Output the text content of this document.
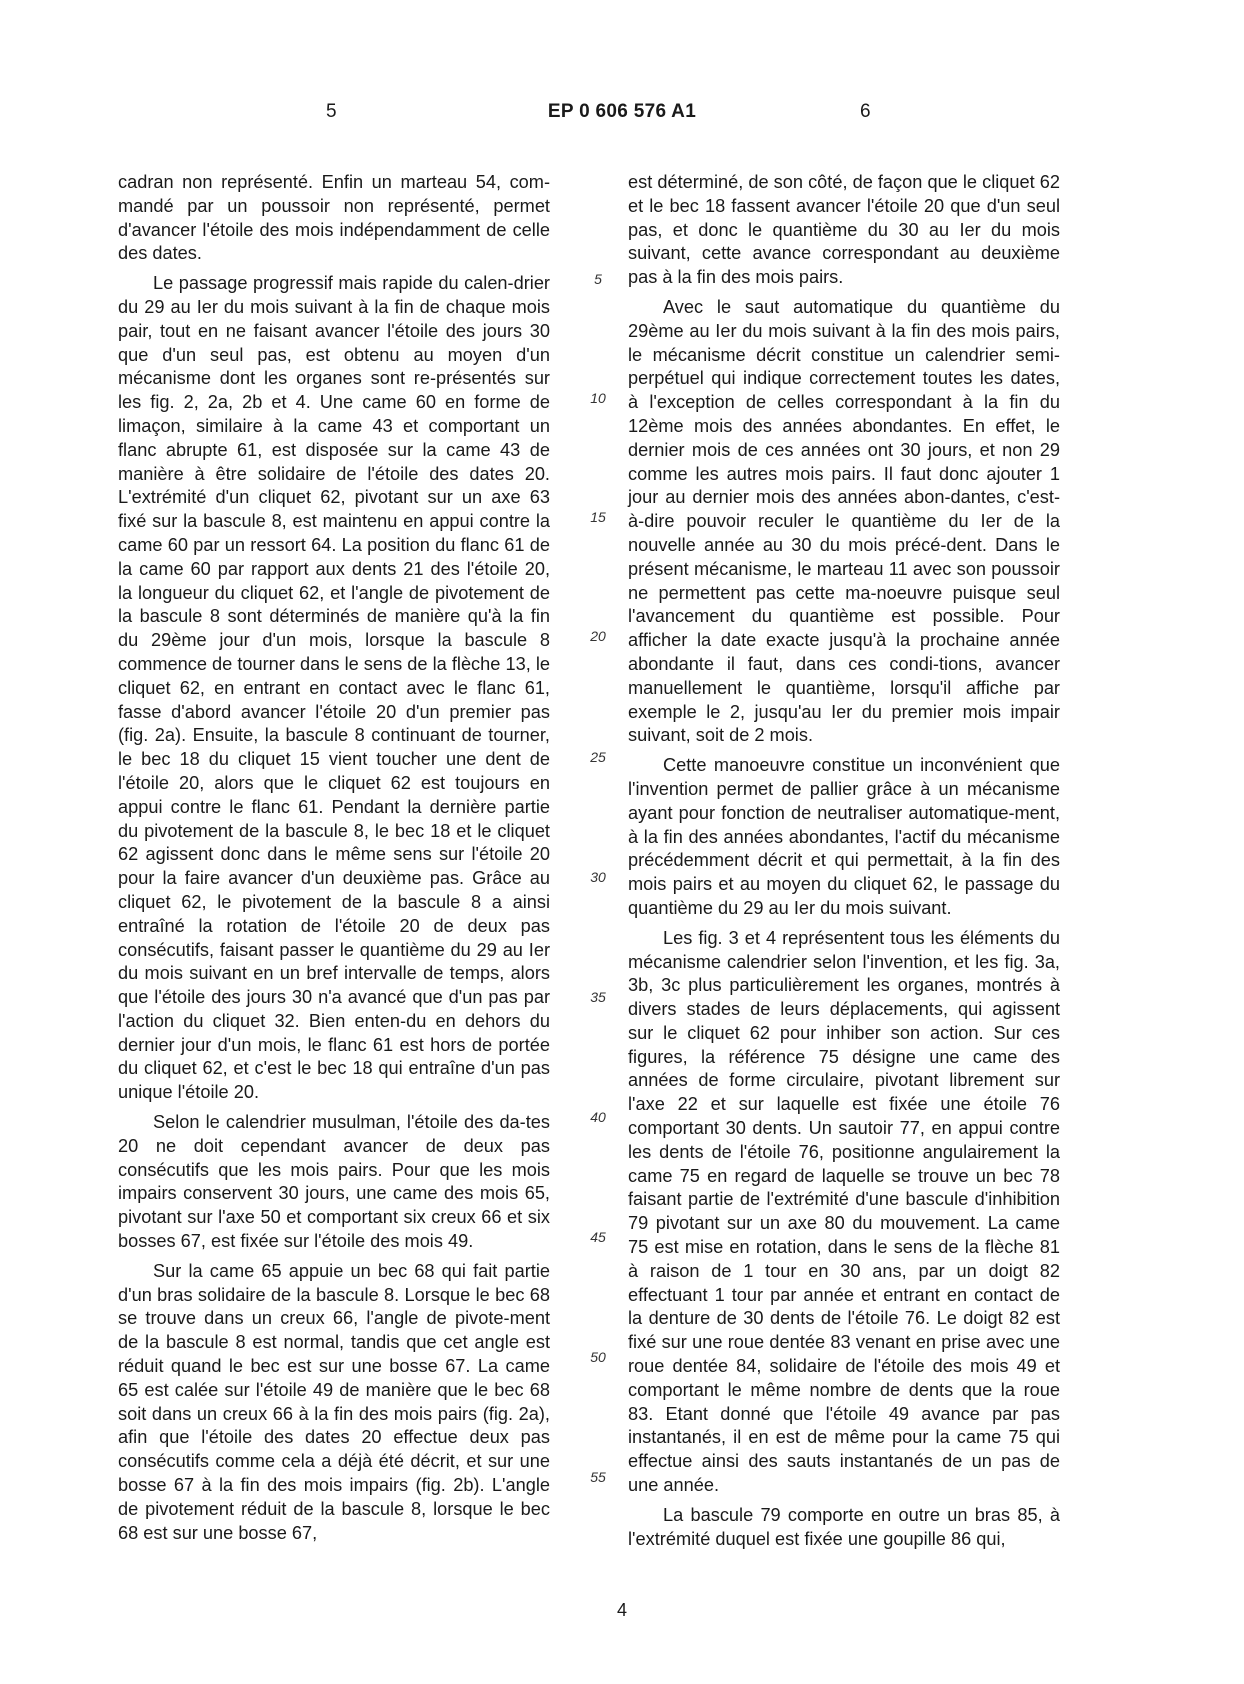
5	EP 0 606 576 A1	6

cadran non représenté. Enfin un marteau 54, com-mandé par un poussoir non représenté, permet d'avancer l'étoile des mois indépendamment de celle des dates.

Le passage progressif mais rapide du calen-drier du 29 au Ier du mois suivant à la fin de chaque mois pair, tout en ne faisant avancer l'étoile des jours 30 que d'un seul pas, est obtenu au moyen d'un mécanisme dont les organes sont re-présentés sur les fig. 2, 2a, 2b et 4. Une came 60 en forme de limaçon, similaire à la came 43 et comportant un flanc abrupte 61, est disposée sur la came 43 de manière à être solidaire de l'étoile des dates 20. L'extrémité d'un cliquet 62, pivotant sur un axe 63 fixé sur la bascule 8, est maintenu en appui contre la came 60 par un ressort 64. La position du flanc 61 de la came 60 par rapport aux dents 21 des l'étoile 20, la longueur du cliquet 62, et l'angle de pivotement de la bascule 8 sont déterminés de manière qu'à la fin du 29ème jour d'un mois, lorsque la bascule 8 commence de tourner dans le sens de la flèche 13, le cliquet 62, en entrant en contact avec le flanc 61, fasse d'abord avancer l'étoile 20 d'un premier pas (fig. 2a). Ensuite, la bascule 8 continuant de tourner, le bec 18 du cliquet 15 vient toucher une dent de l'étoile 20, alors que le cliquet 62 est toujours en appui contre le flanc 61. Pendant la dernière partie du pivotement de la bascule 8, le bec 18 et le cliquet 62 agissent donc dans le même sens sur l'étoile 20 pour la faire avancer d'un deuxième pas. Grâce au cliquet 62, le pivotement de la bascule 8 a ainsi entraîné la rotation de l'étoile 20 de deux pas consécutifs, faisant passer le quantième du 29 au Ier du mois suivant en un bref intervalle de temps, alors que l'étoile des jours 30 n'a avancé que d'un pas par l'action du cliquet 32. Bien enten-du en dehors du dernier jour d'un mois, le flanc 61 est hors de portée du cliquet 62, et c'est le bec 18 qui entraîne d'un pas unique l'étoile 20.

Selon le calendrier musulman, l'étoile des da-tes 20 ne doit cependant avancer de deux pas consécutifs que les mois pairs. Pour que les mois impairs conservent 30 jours, une came des mois 65, pivotant sur l'axe 50 et comportant six creux 66 et six bosses 67, est fixée sur l'étoile des mois 49.

Sur la came 65 appuie un bec 68 qui fait partie d'un bras solidaire de la bascule 8. Lorsque le bec 68 se trouve dans un creux 66, l'angle de pivote-ment de la bascule 8 est normal, tandis que cet angle est réduit quand le bec est sur une bosse 67. La came 65 est calée sur l'étoile 49 de manière que le bec 68 soit dans un creux 66 à la fin des mois pairs (fig. 2a), afin que l'étoile des dates 20 effectue deux pas consécutifs comme cela a déjà été décrit, et sur une bosse 67 à la fin des mois impairs (fig. 2b). L'angle de pivotement réduit de la bascule 8, lorsque le bec 68 est sur une bosse 67,

est déterminé, de son côté, de façon que le cliquet 62 et le bec 18 fassent avancer l'étoile 20 que d'un seul pas, et donc le quantième du 30 au Ier du mois suivant, cette avance correspondant au deuxième pas à la fin des mois pairs.

Avec le saut automatique du quantième du 29ème au Ier du mois suivant à la fin des mois pairs, le mécanisme décrit constitue un calendrier semi-perpétuel qui indique correctement toutes les dates, à l'exception de celles correspondant à la fin du 12ème mois des années abondantes. En effet, le dernier mois de ces années ont 30 jours, et non 29 comme les autres mois pairs. Il faut donc ajouter 1 jour au dernier mois des années abon-dantes, c'est-à-dire pouvoir reculer le quantième du Ier de la nouvelle année au 30 du mois précé-dent. Dans le présent mécanisme, le marteau 11 avec son poussoir ne permettent pas cette ma-noeuvre puisque seul l'avancement du quantième est possible. Pour afficher la date exacte jusqu'à la prochaine année abondante il faut, dans ces condi-tions, avancer manuellement le quantième, lorsqu'il affiche par exemple le 2, jusqu'au Ier du premier mois impair suivant, soit de 2 mois.

Cette manoeuvre constitue un inconvénient que l'invention permet de pallier grâce à un mécanisme ayant pour fonction de neutraliser automatique-ment, à la fin des années abondantes, l'actif du mécanisme précédemment décrit et qui permettait, à la fin des mois pairs et au moyen du cliquet 62, le passage du quantième du 29 au Ier du mois suivant.

Les fig. 3 et 4 représentent tous les éléments du mécanisme calendrier selon l'invention, et les fig. 3a, 3b, 3c plus particulièrement les organes, montrés à divers stades de leurs déplacements, qui agissent sur le cliquet 62 pour inhiber son action. Sur ces figures, la référence 75 désigne une came des années de forme circulaire, pivotant librement sur l'axe 22 et sur laquelle est fixée une étoile 76 comportant 30 dents. Un sautoir 77, en appui contre les dents de l'étoile 76, positionne angulairement la came 75 en regard de laquelle se trouve un bec 78 faisant partie de l'extrémité d'une bascule d'inhibition 79 pivotant sur un axe 80 du mouvement. La came 75 est mise en rotation, dans le sens de la flèche 81 à raison de 1 tour en 30 ans, par un doigt 82 effectuant 1 tour par année et entrant en contact de la denture de 30 dents de l'étoile 76. Le doigt 82 est fixé sur une roue dentée 83 venant en prise avec une roue dentée 84, solidaire de l'étoile des mois 49 et comportant le même nombre de dents que la roue 83. Etant donné que l'étoile 49 avance par pas instantanés, il en est de même pour la came 75 qui effectue ainsi des sauts instantanés de un pas de une année.

La bascule 79 comporte en outre un bras 85, à l'extrémité duquel est fixée une goupille 86 qui,

5
10
15
20
25
30
35
40
45
50
55
4
